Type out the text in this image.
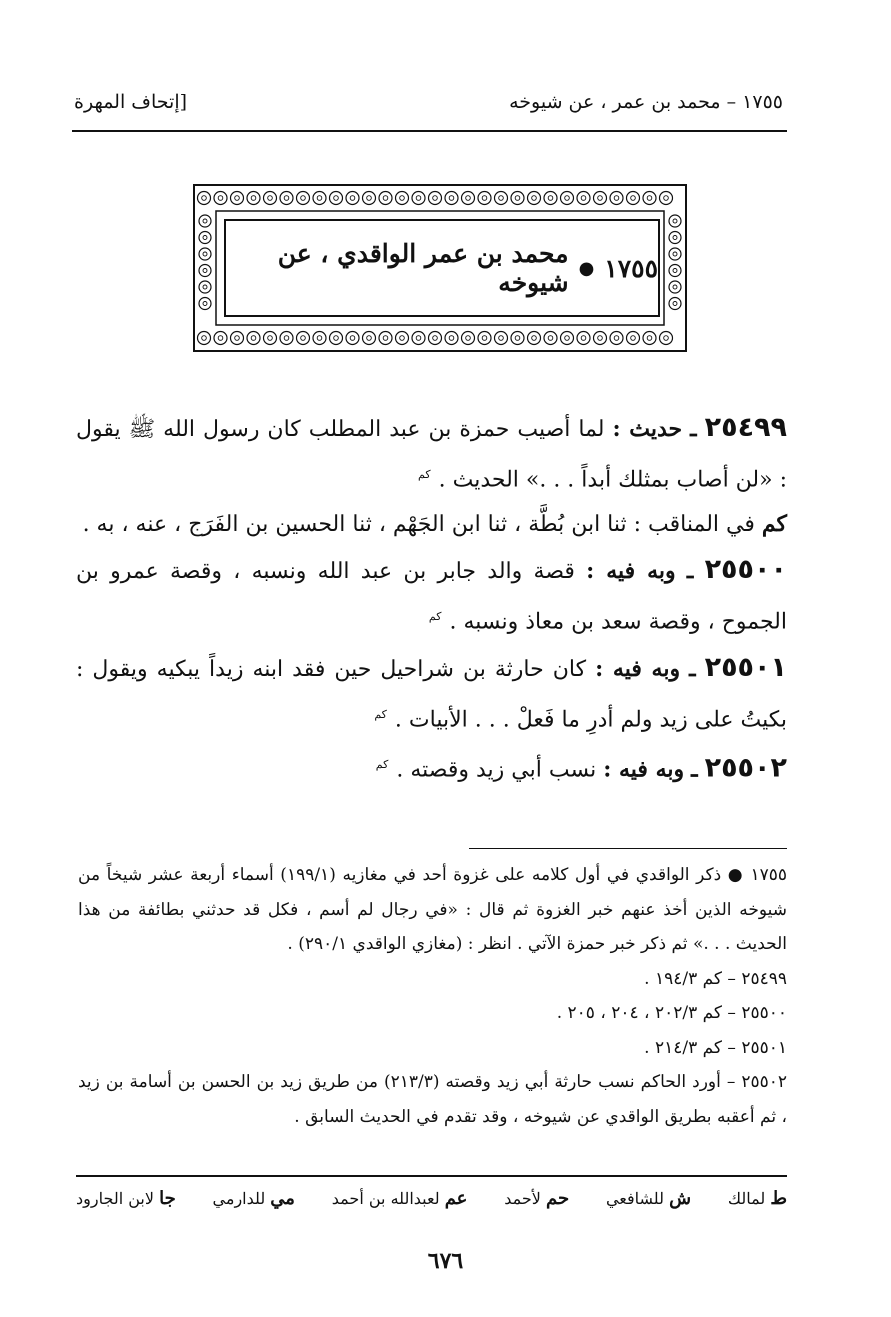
١٧٥٥ – محمد بن عمر ، عن شيوخه
[إتحاف المهرة
١٧٥٥
●
محمد بن عمر الواقدي ، عن شيوخه

٢٥٤٩٩ ـ حديث : لما أصيب حمزة بن عبد المطلب كان رسول الله ﷺ يقول : «لن أصاب بمثلك أبداً . . .» الحديث . $^{كم}$

كم في المناقب : ثنا ابن بُطَّة ، ثنا ابن الجَهْم ، ثنا الحسين بن الفَرَج ، عنه ، به .

٢٥٥٠٠ ـ وبه فيه : قصة والد جابر بن عبد الله ونسبه ، وقصة عمرو بن الجموح ، وقصة سعد بن معاذ ونسبه . $^{كم}$

٢٥٥٠١ ـ وبه فيه : كان حارثة بن شراحيل حين فقد ابنه زيداً يبكيه ويقول : بكيتُ على زيد ولم أدرِ ما فَعلْ . . . الأبيات . $^{كم}$

٢٥٥٠٢ ـ وبه فيه : نسب أبي زيد وقصته . $^{كم}$

١٧٥٥ ● ذكر الواقدي في أول كلامه على غزوة أحد في مغازيه (١٩٩/١) أسماء أربعة عشر شيخاً من شيوخه الذين أخذ عنهم خبر الغزوة ثم قال : «في رجال لم أسم ، فكل قد حدثني بطائفة من هذا الحديث . . .» ثم ذكر خبر حمزة الآتي . انظر : (مغازي الواقدي ٢٩٠/١) .

٢٥٤٩٩ – كم ١٩٤/٣ .

٢٥٥٠٠ – كم ٢٠٢/٣ ، ٢٠٤ ، ٢٠٥ .

٢٥٥٠١ – كم ٢١٤/٣ .

٢٥٥٠٢ – أورد الحاكم نسب حارثة أبي زيد وقصته (٢١٣/٣) من طريق زيد بن الحسن بن أسامة بن زيد ، ثم أعقبه بطريق الواقدي عن شيوخه ، وقد تقدم في الحديث السابق .

ط لمالك
ش للشافعي
حم لأحمد
عم لعبدالله بن أحمد
مي للدارمي
جا لابن الجارود
٦٧٦
